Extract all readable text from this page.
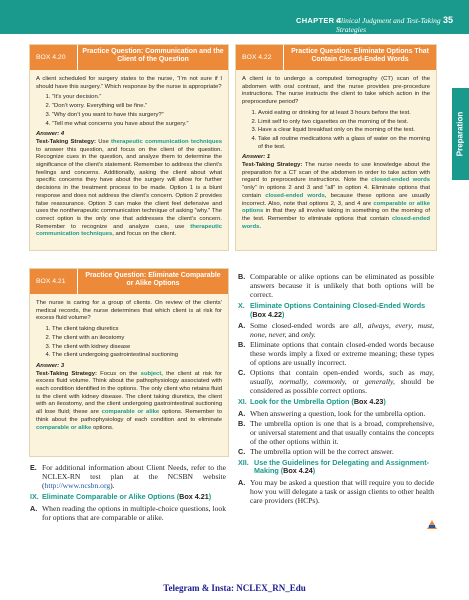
CHAPTER 4
Clinical Judgment and Test-Taking Strategies
35
Preparation
BOX 4.20
Practice Question: Communication and the Client of the Question

A client scheduled for surgery states to the nurse, “I’m not sure if I should have this surgery.” Which response by the nurse is appropriate?

1. “It’s your decision.”
2. “Don’t worry. Everything will be fine.”
3. “Why don’t you want to have this surgery?”
4. “Tell me what concerns you have about the surgery.”
Answer: 4

Test-Taking Strategy: Use therapeutic communication techniques to answer this question, and focus on the client of the question. Recognize cues in the question, and analyze them to determine the significance of the client’s statement. Remember to address the client’s feelings and concerns. Additionally, asking the client about what specific concerns they have about the surgery will allow for further decisions in the treatment process to be made. Option 1 is a blunt response and does not address the client’s concern. Option 2 provides false reassurance. Option 3 can make the client feel defensive and uses the nontherapeutic communication technique of asking “why.” The correct option is the only one that addresses the client’s concern. Remember to recognize and analyze cues, use therapeutic communication techniques, and focus on the client.

BOX 4.22
Practice Question: Eliminate Options That Contain Closed-Ended Words

A client is to undergo a computed tomography (CT) scan of the abdomen with oral contrast, and the nurse provides pre-procedure instructions. The nurse instructs the client to take which action in the preprocedure period?

1. Avoid eating or drinking for at least 3 hours before the test.
2. Limit self to only two cigarettes on the morning of the test.
3. Have a clear liquid breakfast only on the morning of the test.
4. Take all routine medications with a glass of water on the morning of the test.
Answer: 1

Test-Taking Strategy: The nurse needs to use knowledge about the preparation for a CT scan of the abdomen in order to take action with regard to preprocedure instructions. Note the closed-ended words “only” in options 2 and 3 and “all” in option 4. Eliminate options that contain closed-ended words, because these options are usually incorrect. Also, note that options 2, 3, and 4 are comparable or alike options in that they all involve taking in something on the morning of the test. Remember to eliminate options that contain closed-ended words.

BOX 4.21
Practice Question: Eliminate Comparable or Alike Options

The nurse is caring for a group of clients. On review of the clients’ medical records, the nurse determines that which client is at risk for excess fluid volume?

1. The client taking diuretics
2. The client with an ileostomy
3. The client with kidney disease
4. The client undergoing gastrointestinal suctioning
Answer: 3

Test-Taking Strategy: Focus on the subject, the client at risk for excess fluid volume. Think about the pathophysiology associated with each condition identified in the options. The only client who retains fluid is the client with kidney disease. The client taking diuretics, the client with an ileostomy, and the client undergoing gastrointestinal suctioning all lose fluid; these are comparable or alike options. Remember to think about the pathophysiology of each condition and to eliminate comparable or alike options.

E. For additional information about Client Needs, refer to the NCLEX-RN test plan at the NCSBN website (http://www.ncsbn.org).
IX. Eliminate Comparable or Alike Options (Box 4.21)
A. When reading the options in multiple-choice questions, look for options that are comparable or alike.
B. Comparable or alike options can be eliminated as possible answers because it is unlikely that both options will be correct.
X. Eliminate Options Containing Closed-Ended Words (Box 4.22)
A. Some closed-ended words are all, always, every, must, none, never, and only.
B. Eliminate options that contain closed-ended words because these words imply a fixed or extreme meaning; these types of options are usually incorrect.
C. Options that contain open-ended words, such as may, usually, normally, commonly, or generally, should be considered as possible correct options.
XI. Look for the Umbrella Option (Box 4.23)
A. When answering a question, look for the umbrella option.
B. The umbrella option is one that is a broad, comprehensive, or universal statement and that usually contains the concepts of the other options within it.
C. The umbrella option will be the correct answer.
XII. Use the Guidelines for Delegating and Assignment-Making (Box 4.24)
A. You may be asked a question that will require you to decide how you will delegate a task or assign clients to other health care providers (HCPs).
Telegram & Insta: NCLEX_RN_Edu
